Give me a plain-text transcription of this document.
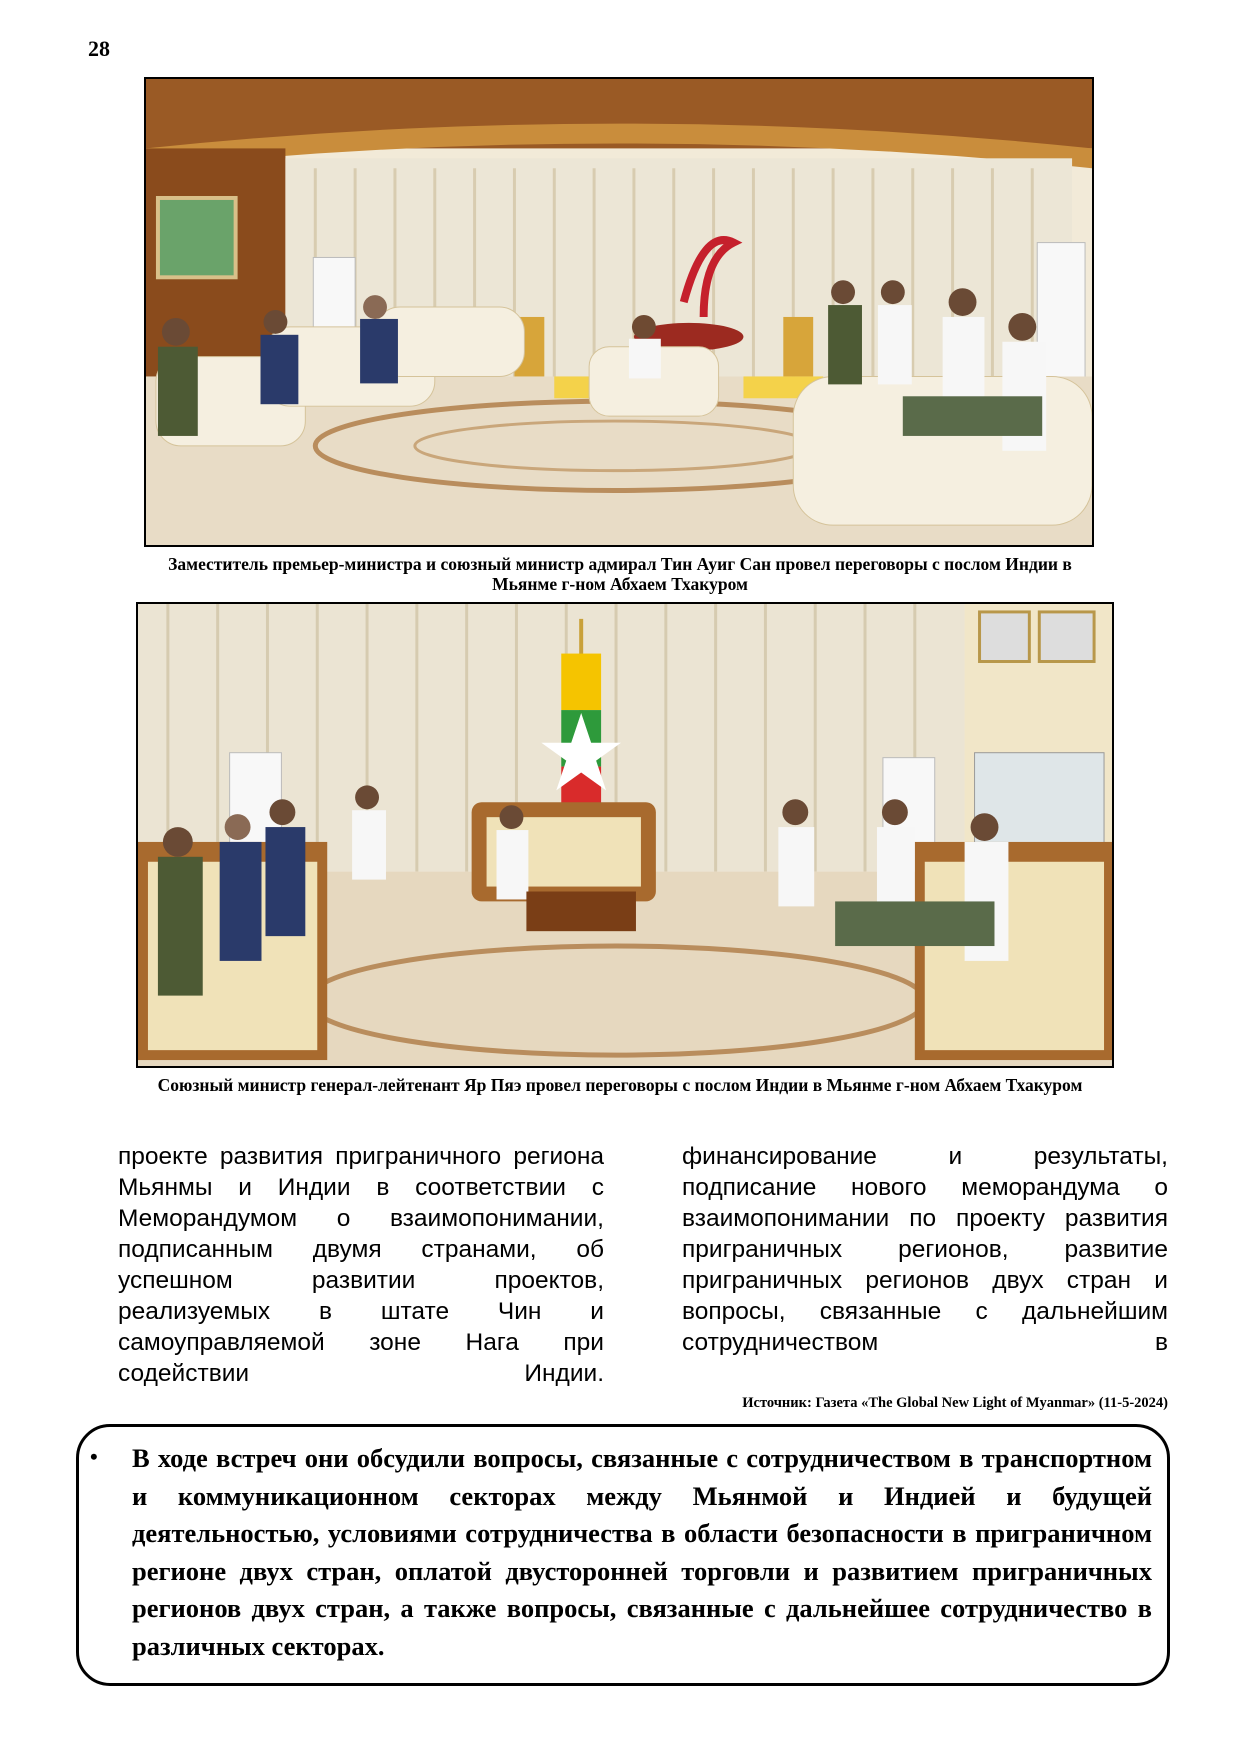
28
Заместитель премьер-министра и союзный министр адмирал Тин Ауиг Сан провел переговоры с послом Индии в Мьянме г-ном Абхаем Тхакуром
Союзный министр генерал-лейтенант Яр Пяэ провел переговоры с послом Индии в Мьянме г-ном Абхаем Тхакуром
проекте развития приграничного региона Мьянмы и Индии в соответствии с Меморандумом о взаимопонимании, подписанным двумя странами, об успешном развитии проектов, реализуемых в штате Чин и самоуправляемой зоне Нага при содействии Индии.
финансирование и результаты, подписание нового меморандума о взаимопонимании по проекту развития приграничных регионов, развитие приграничных регионов двух стран и вопросы, связанные с дальнейшим сотрудничеством в
Источник: Газета «The Global New Light of Myanmar» (11-5-2024)
• В ходе встреч они обсудили вопросы, связанные с сотрудничеством в транспортном и коммуникационном секторах между Мьянмой и Индией и будущей деятельностью, условиями сотрудничества в области безопасности в приграничном регионе двух стран, оплатой двусторонней торговли и развитием приграничных регионов двух стран, а также вопросы, связанные с дальнейшее сотрудничество в различных секторах.
